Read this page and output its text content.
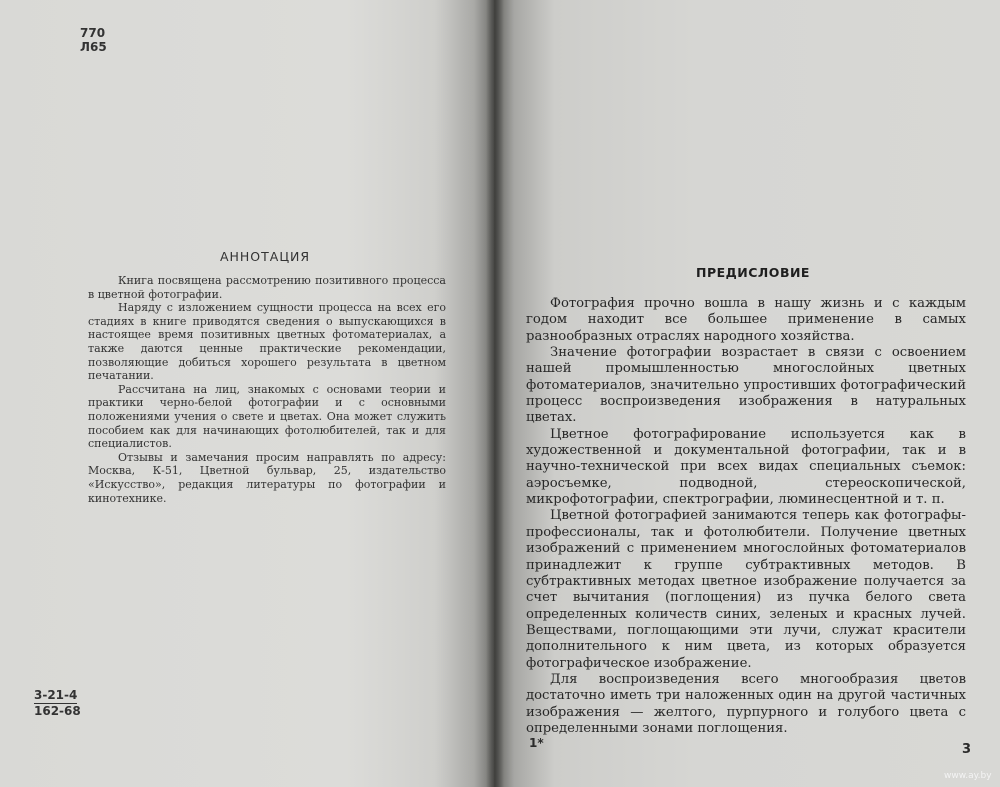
770
Л65
АННОТАЦИЯ

Книга посвящена рассмотрению позитивного процесса в цветной фотографии.

Наряду с изложением сущности процесса на всех его стадиях в книге приводятся сведения о выпускающихся в настоящее время позитивных цветных фотоматериалах, а также даются ценные практические рекомендации, позволяющие добиться хорошего результата в цветном печатании.

Рассчитана на лиц, знакомых с основами теории и практики черно-белой фотографии и с основными положениями учения о свете и цветах. Она может служить пособием как для начинающих фотолюбителей, так и для специалистов.

Отзывы и замечания просим направлять по адресу: Москва, К-51, Цветной бульвар, 25, издательство «Искусство», редакция литературы по фотографии и кинотехнике.

3-21-4
162-68
ПРЕДИСЛОВИЕ

Фотография прочно вошла в нашу жизнь и с каждым годом находит все большее применение в самых разнообразных отраслях народного хозяйства.

Значение фотографии возрастает в связи с освоением нашей промышленностью многослойных цветных фотоматериалов, значительно упростивших фотографический процесс воспроизведения изображения в натуральных цветах.

Цветное фотографирование используется как в художественной и документальной фотографии, так и в научно-технической при всех видах специальных съемок: аэросъемке, подводной, стереоскопической, микрофотографии, спектрографии, люминесцентной и т. п.

Цветной фотографией занимаются теперь как фотографы-профессионалы, так и фотолюбители. Получение цветных изображений с применением многослойных фотоматериалов принадлежит к группе субтрактивных методов. В субтрактивных методах цветное изображение получается за счет вычитания (поглощения) из пучка белого света определенных количеств синих, зеленых и красных лучей. Веществами, поглощающими эти лучи, служат красители дополнительного к ним цвета, из которых образуется фотографическое изображение.

Для воспроизведения всего многообразия цветов достаточно иметь три наложенных один на другой частичных изображения — желтого, пурпурного и голубого цвета с определенными зонами поглощения.

1*	3
www.ay.by
